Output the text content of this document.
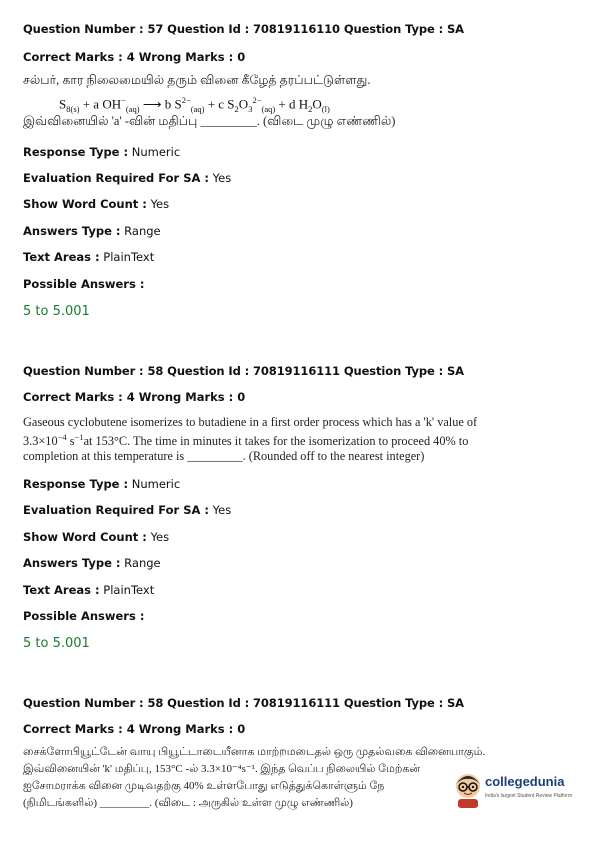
Question Number : 57 Question Id : 70819116110 Question Type : SA
Correct Marks : 4 Wrong Marks : 0
சல்பர், கார நிலைமையில் தரும் வினை கீழேத் தரப்பட்டுள்ளது.
$S_{8(s)} + a$ $OH^-_{(aq)}$ ⟶ b $S^{2-}_{(aq)} + c$ $S_2O_3^{2-}_{(aq)} + d$ $H_2O_{(l)}$
இவ்வினையில் 'a' -வின் மதிப்பு _________. (விடை முழு எண்ணில்)
Response Type : Numeric
Evaluation Required For SA : Yes
Show Word Count : Yes
Answers Type : Range
Text Areas : PlainText
Possible Answers :
5 to 5.001
Question Number : 58 Question Id : 70819116111 Question Type : SA
Correct Marks : 4 Wrong Marks : 0
Gaseous cyclobutene isomerizes to butadiene in a first order process which has a 'k' value of
$3.3\times 10^{-4}$ $s^{-1}at$ 153°C. The time in minutes it takes for the isomerization to proceed 40% to
completion at this temperature is _________. (Rounded off to the nearest integer)
Response Type : Numeric
Evaluation Required For SA : Yes
Show Word Count : Yes
Answers Type : Range
Text Areas : PlainText
Possible Answers :
5 to 5.001
Question Number : 58 Question Id : 70819116111 Question Type : SA
Correct Marks : 4 Wrong Marks : 0
சைக்ளோபியூட்டேன் வாயு பியூட்டாடையீனாக மாற்றமடைதல் ஒரு முதல்வகை வினையாகும்.
இவ்வினையின் 'k' மதிப்பு, 153°C -ல் 3.3×10⁻⁴s⁻¹. இந்த வெப்ப நிலையில் மேற்கன்
ஐசோமராக்க வினை முடிவதற்கு 40% உள்ளபோது எடுத்துக்கொள்ளும் நே
(நிமிடங்களில்) _________. (விடை : அருகில் உள்ள முழு எண்ணில்)
collegedunia
India's largest Student Review Platform
